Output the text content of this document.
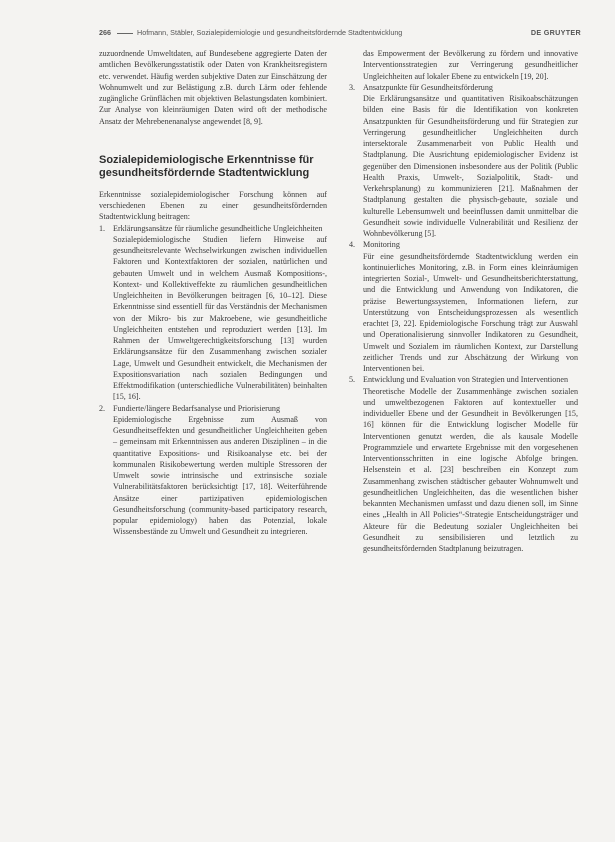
266	Hofmann, Stäbler, Sozialepidemiologie und gesundheitsfördernde Stadtentwicklung	DE GRUYTER

zuzuordnende Umweltdaten, auf Bundesebene aggregierte Daten der amtlichen Bevölkerungsstatistik oder Daten von Krankheitsregistern etc. verwendet. Häufig werden subjektive Daten zur Einschätzung der Wohnumwelt und zur Belästigung z.B. durch Lärm oder fehlende zugängliche Grünflächen mit objektiven Belastungsdaten kombiniert. Zur Analyse von kleinräumigen Daten wird oft der methodische Ansatz der Mehrebenenanalyse angewendet [8, 9].

Sozialepidemiologische Erkenntnisse für gesundheitsfördernde Stadtentwicklung

Erkenntnisse sozialepidemiologischer Forschung können auf verschiedenen Ebenen zu einer gesundheitsfördernden Stadtentwicklung beitragen:

1. Erklärungsansätze für räumliche gesundheitliche Ungleichheiten
Sozialepidemiologische Studien liefern Hinweise auf gesundheitsrelevante Wechselwirkungen zwischen individuellen Faktoren und Kontextfaktoren der sozialen, natürlichen und gebauten Umwelt und in welchem Ausmaß Kompositions-, Kontext- und Kollektiveffekte zu räumlichen gesundheitlichen Ungleichheiten in Bevölkerungen beitragen [6, 10–12]. Diese Erkenntnisse sind essentiell für das Verständnis der Mechanismen von der Mikro- bis zur Makroebene, wie gesundheitliche Ungleichheiten entstehen und reproduziert werden [13]. Im Rahmen der Umweltgerechtigkeitsforschung [13] wurden Erklärungsansätze für den Zusammenhang zwischen sozialer Lage, Umwelt und Gesundheit entwickelt, die Mechanismen der Expositionsvariation nach sozialen Bedingungen und Effektmodifikation (unterschiedliche Vulnerabilitäten) beinhalten [15, 16].
2. Fundierte/längere Bedarfsanalyse und Priorisierung
Epidemiologische Ergebnisse zum Ausmaß von Gesundheitseffekten und gesundheitlicher Ungleichheiten geben – gemeinsam mit Erkenntnissen aus anderen Disziplinen – in die quantitative Expositions- und Risikoanalyse etc. bei der kommunalen Risikobewertung werden multiple Stressoren der Umwelt sowie intrinsische und extrinsische soziale Vulnerabilitätsfaktoren berücksichtigt [17, 18]. Weiterführende Ansätze einer partizipativen epidemiologischen Gesundheitsforschung (community-based participatory research, popular epidemiology) haben das Potenzial, lokale Wissensbestände zu Umwelt und Gesundheit zu integrieren.

das Empowerment der Bevölkerung zu fördern und innovative Interventionsstrategien zur Verringerung gesundheitlicher Ungleichheiten auf lokaler Ebene zu entwickeln [19, 20].

3. Ansatzpunkte für Gesundheitsförderung
Die Erklärungsansätze und quantitativen Risikoabschätzungen bilden eine Basis für die Identifikation von konkreten Ansatzpunkten für Gesundheitsförderung und für Strategien zur Verringerung gesundheitlicher Ungleichheiten durch intersektorale Zusammenarbeit von Public Health und Stadtplanung. Die Ausrichtung epidemiologischer Evidenz ist gegenüber den Dimensionen insbesondere aus der Politik (Public Health Praxis, Umwelt-, Sozialpolitik, Stadt- und Verkehrsplanung) zu kommunizieren [21]. Maßnahmen der Stadtplanung gestalten die physisch-gebaute, soziale und kulturelle Lebensumwelt und beeinflussen damit unmittelbar die Gesundheit sowie individuelle Vulnerabilität und Resilienz der Wohnbevölkerung [5].
4. Monitoring
Für eine gesundheitsfördernde Stadtentwicklung werden ein kontinuierliches Monitoring, z.B. in Form eines kleinräumigen integrierten Sozial-, Umwelt- und Gesundheitsberichterstattung, und die Entwicklung und Anwendung von Indikatoren, die präzise Bewertungssystemen, Informationen liefern, zur Unterstützung von Entscheidungsprozessen als wesentlich erachtet [3, 22]. Epidemiologische Forschung trägt zur Auswahl und Operationalisierung sinnvoller Indikatoren zu Gesundheit, Umwelt und Sozialem im räumlichen Kontext, zur Darstellung zeitlicher Trends und zur Abschätzung der Wirkung von Interventionen bei.
5. Entwicklung und Evaluation von Strategien und Interventionen
Theoretische Modelle der Zusammenhänge zwischen sozialen und umweltbezogenen Faktoren auf kontextueller und individueller Ebene und der Gesundheit in Bevölkerungen [15, 16] können für die Entwicklung logischer Modelle für Interventionen genutzt werden, die als kausale Modelle Programmziele und erwartete Ergebnisse mit den vorgesehenen Interventionsschritten in eine logische Abfolge bringen. Helsenstein et al. [23] beschreiben ein Konzept zum Zusammenhang zwischen städtischer gebauter Wohnumwelt und gesundheitlichen Ungleichheiten, das die wesentlichen bisher bekannten Mechanismen umfasst und dazu dienen soll, im Sinne eines „Health in All Policies“-Strategie Entscheidungsträger und Akteure für die Bedeutung sozialer Ungleichheiten bei Gesundheit zu sensibilisieren und letztlich zu gesundheitsfördernden Stadtplanung beizutragen.
